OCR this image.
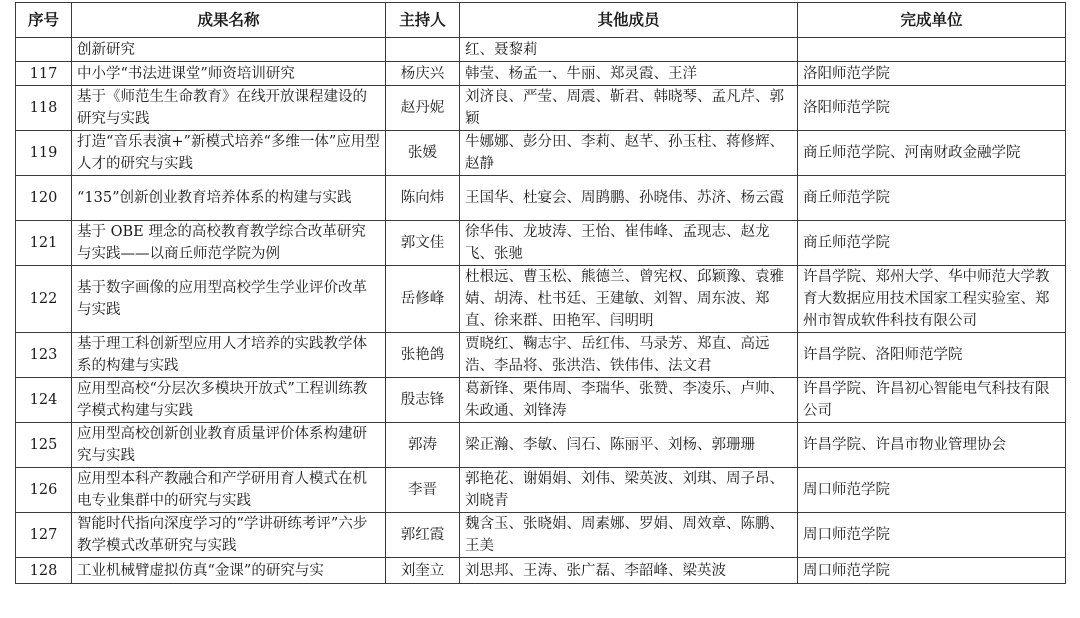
序号	成果名称	主持人	其他成员	完成单位
	创新研究		红、聂黎莉	
117	中小学“书法进课堂”师资培训研究	杨庆兴	韩莹、杨孟一、牛丽、郑灵霞、王洋	洛阳师范学院
118	基于《师范生生命教育》在线开放课程建设的研究与实践	赵丹妮	刘济良、严莹、周震、靳君、韩晓琴、孟凡芹、郭颖	洛阳师范学院
119	打造“音乐表演+”新模式培养“多维一体”应用型人才的研究与实践	张媛	牛娜娜、彭分田、李莉、赵芊、孙玉柱、蒋修辉、赵静	商丘师范学院、河南财政金融学院
120	“135”创新创业教育培养体系的构建与实践	陈向炜	王国华、杜宴会、周鹍鹏、孙晓伟、苏济、杨云霞	商丘师范学院
121	基于 OBE 理念的高校教育教学综合改革研究与实践——以商丘师范学院为例	郭文佳	徐华伟、龙坡涛、王怡、崔伟峰、孟现志、赵龙飞、张驰	商丘师范学院
122	基于数字画像的应用型高校学生学业评价改革与实践	岳修峰	杜根远、曹玉松、熊德兰、曾宪权、邱颖豫、袁雅婧、胡涛、杜书廷、王建敏、刘智、周东波、郑直、徐来群、田艳军、闫明明	许昌学院、郑州大学、华中师范大学教育大数据应用技术国家工程实验室、郑州市智成软件科技有限公司
123	基于理工科创新型应用人才培养的实践教学体系的构建与实践	张艳鸽	贾晓红、鞠志宇、岳红伟、马录芳、郑直、高远浩、李品将、张洪浩、铁伟伟、法文君	许昌学院、洛阳师范学院
124	应用型高校“分层次多模块开放式”工程训练教学模式构建与实践	殷志锋	葛新锋、栗伟周、李瑞华、张赞、李凌乐、卢帅、朱政通、刘锋涛	许昌学院、许昌初心智能电气科技有限公司
125	应用型高校创新创业教育质量评价体系构建研究与实践	郭涛	梁正瀚、李敏、闫石、陈丽平、刘杨、郭珊珊	许昌学院、许昌市物业管理协会
126	应用型本科产教融合和产学研用育人模式在机电专业集群中的研究与实践	李晋	郭艳花、谢娟娟、刘伟、梁英波、刘琪、周子昂、刘晓青	周口师范学院
127	智能时代指向深度学习的“学讲研练考评”六步教学模式改革研究与实践	郭红霞	魏含玉、张晓娟、周素娜、罗娟、周效章、陈鹏、王美	周口师范学院
128	工业机械臂虚拟仿真“金课”的研究与实	刘奎立	刘思邦、王涛、张广磊、李韶峰、梁英波	周口师范学院
